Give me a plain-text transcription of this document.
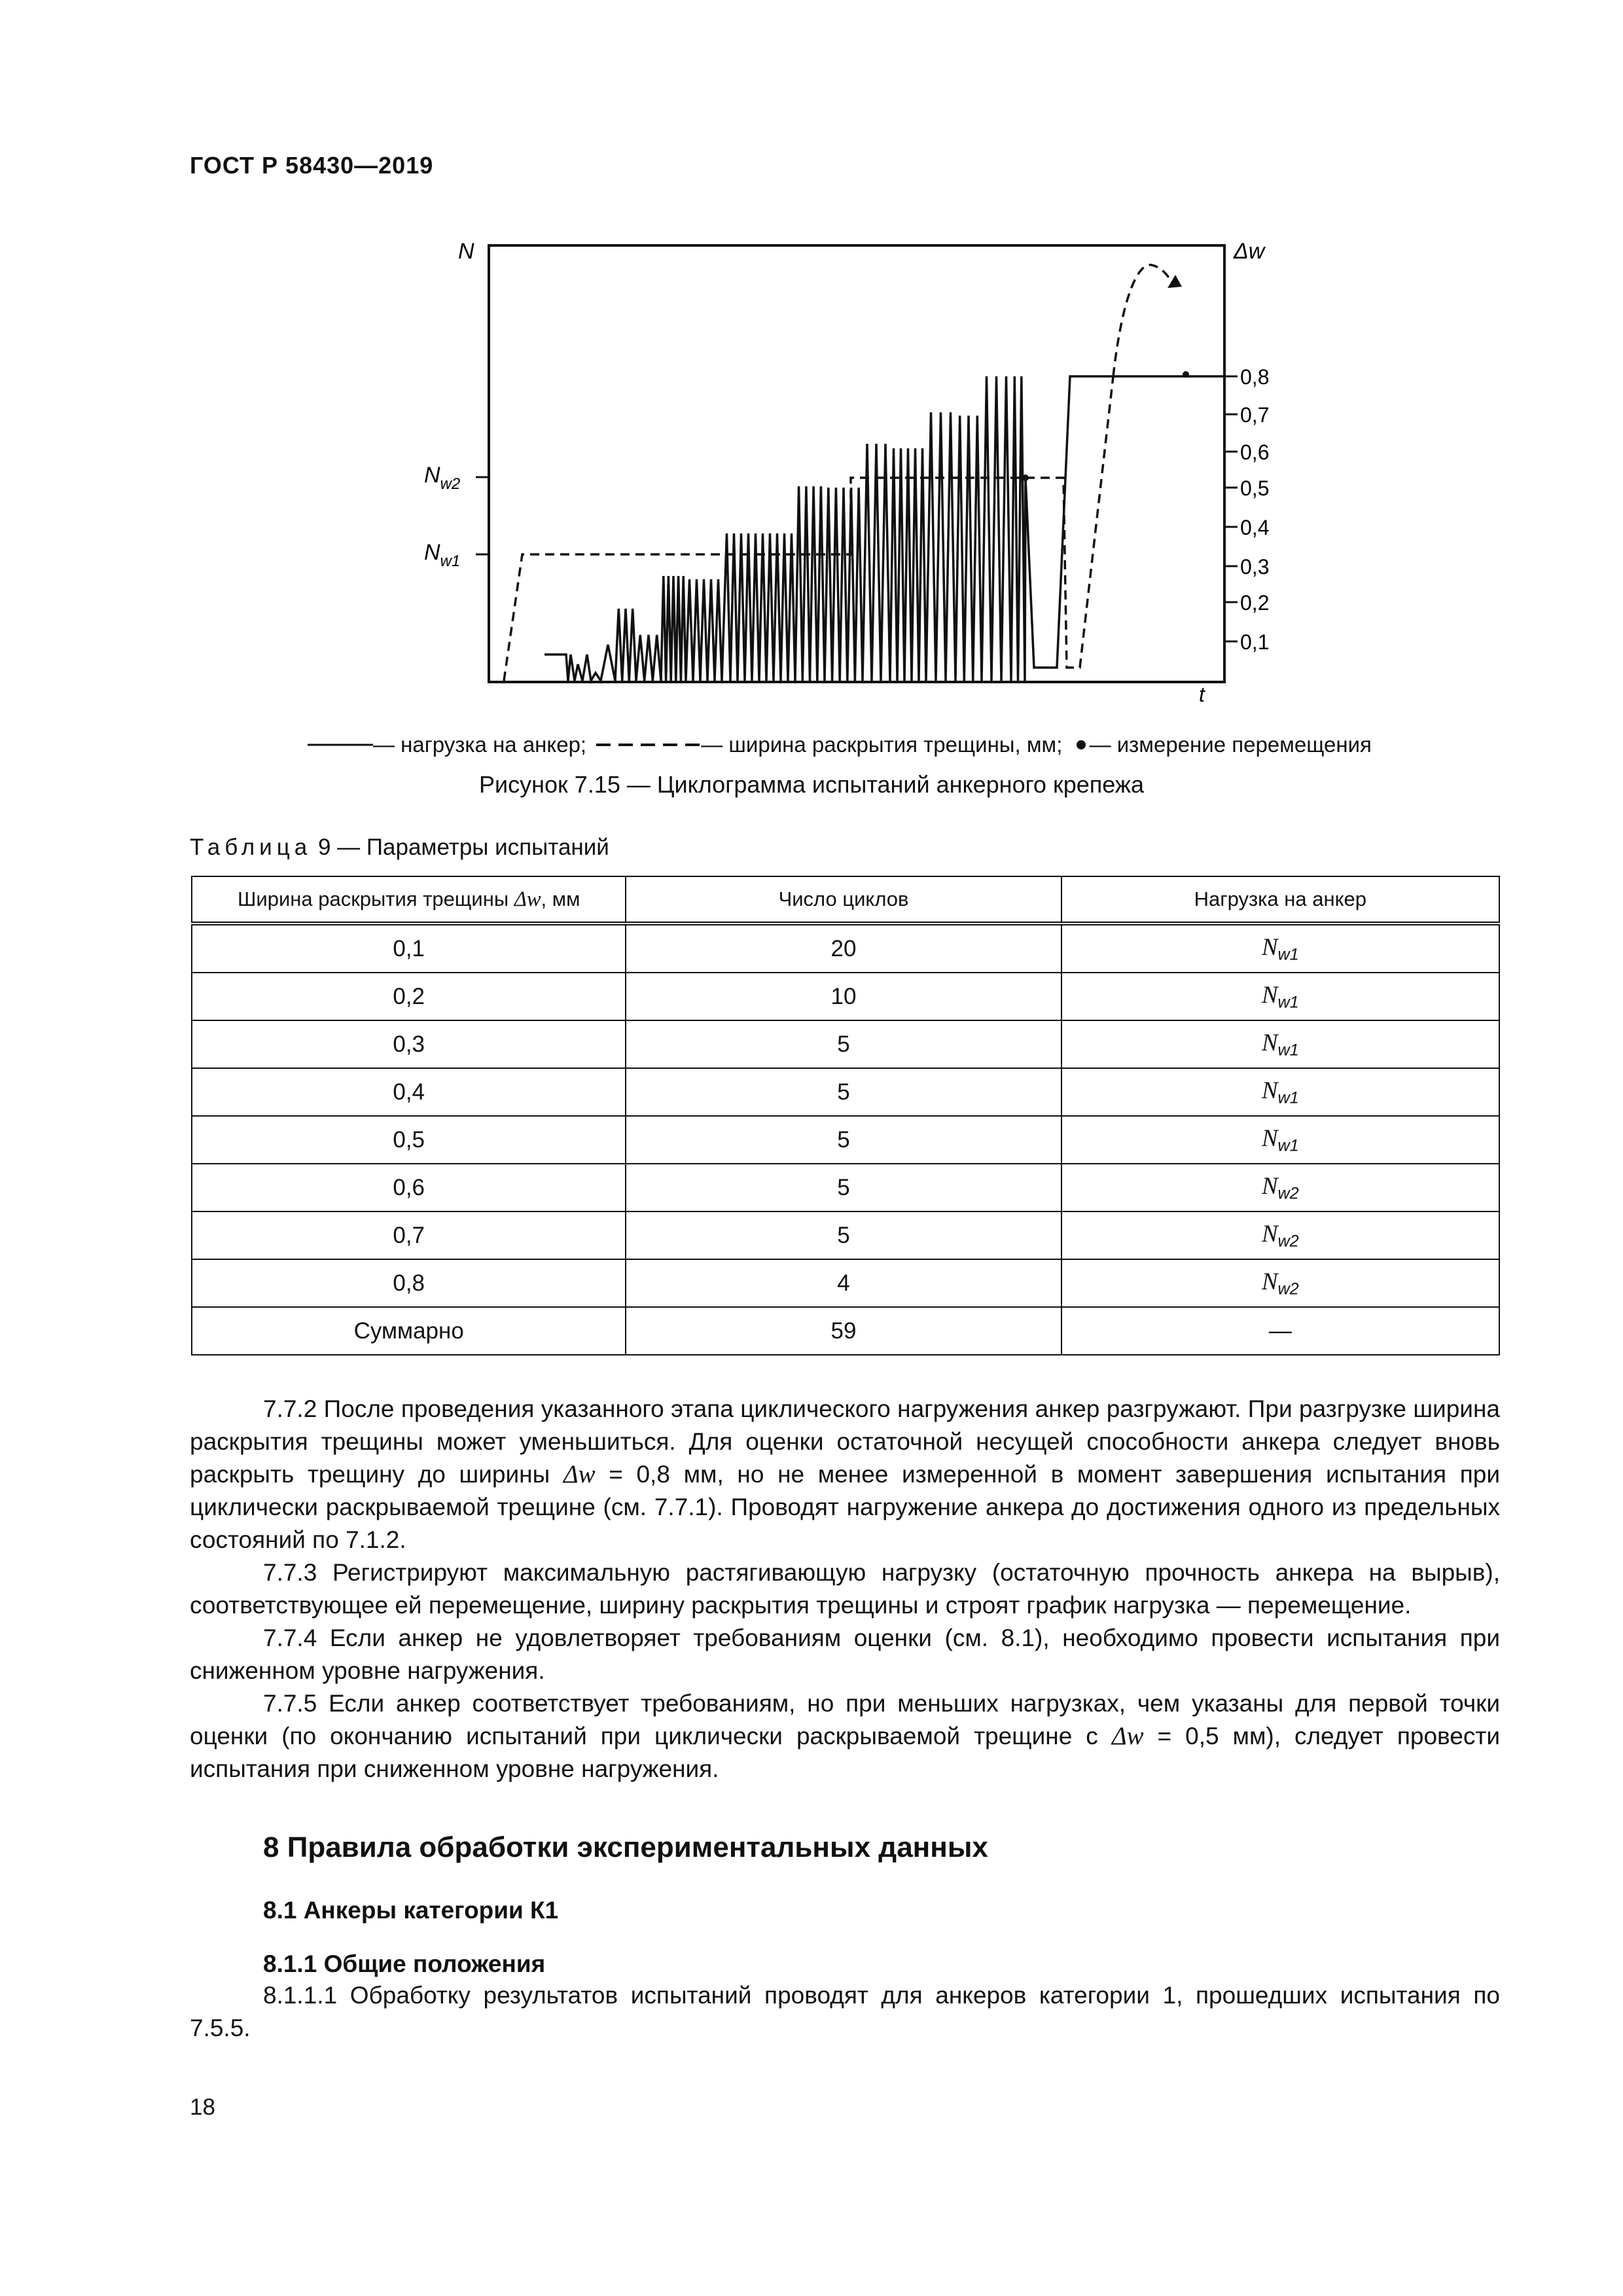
ГОСТ Р 58430—2019
N
$N_{w2}$
$N_{w1}$
Δw
t
0,8
0,7
0,6
0,5
0,4
0,3
0,2
0,1
— нагрузка на анкер;
	— ширина раскрытия трещины, мм;
— измерение перемещения
Рисунок 7.15 — Циклограмма испытаний анкерного крепежа
Таблица 9 — Параметры испытаний
Ширина раскрытия трещины Δw, мм	Число циклов	Нагрузка на анкер
0,1	20	$N_{w1}$
0,2	10	$N_{w1}$
0,3	5	$N_{w1}$
0,4	5	$N_{w1}$
0,5	5	$N_{w1}$
0,6	5	$N_{w2}$
0,7	5	$N_{w2}$
0,8	4	$N_{w2}$
Суммарно	59	—

7.7.2 После проведения указанного этапа циклического нагружения анкер разгружают. При разгрузке ширина раскрытия трещины может уменьшиться. Для оценки остаточной несущей способности анкера следует вновь раскрыть трещину до ширины Δw = 0,8 мм, но не менее измеренной в момент завершения испытания при циклически раскрываемой трещине (см. 7.7.1). Проводят нагружение анкера до достижения одного из предельных состояний по 7.1.2.

7.7.3 Регистрируют максимальную растягивающую нагрузку (остаточную прочность анкера на вырыв), соответствующее ей перемещение, ширину раскрытия трещины и строят график нагрузка — перемещение.

7.7.4 Если анкер не удовлетворяет требованиям оценки (см. 8.1), необходимо провести испытания при сниженном уровне нагружения.

7.7.5 Если анкер соответствует требованиям, но при меньших нагрузках, чем указаны для первой точки оценки (по окончанию испытаний при циклически раскрываемой трещине с Δw = 0,5 мм), следует провести испытания при сниженном уровне нагружения.

8 Правила обработки экспериментальных данных
8.1 Анкеры категории К1
8.1.1 Общие положения

8.1.1.1 Обработку результатов испытаний проводят для анкеров категории 1, прошедших испытания по 7.5.5.

18
